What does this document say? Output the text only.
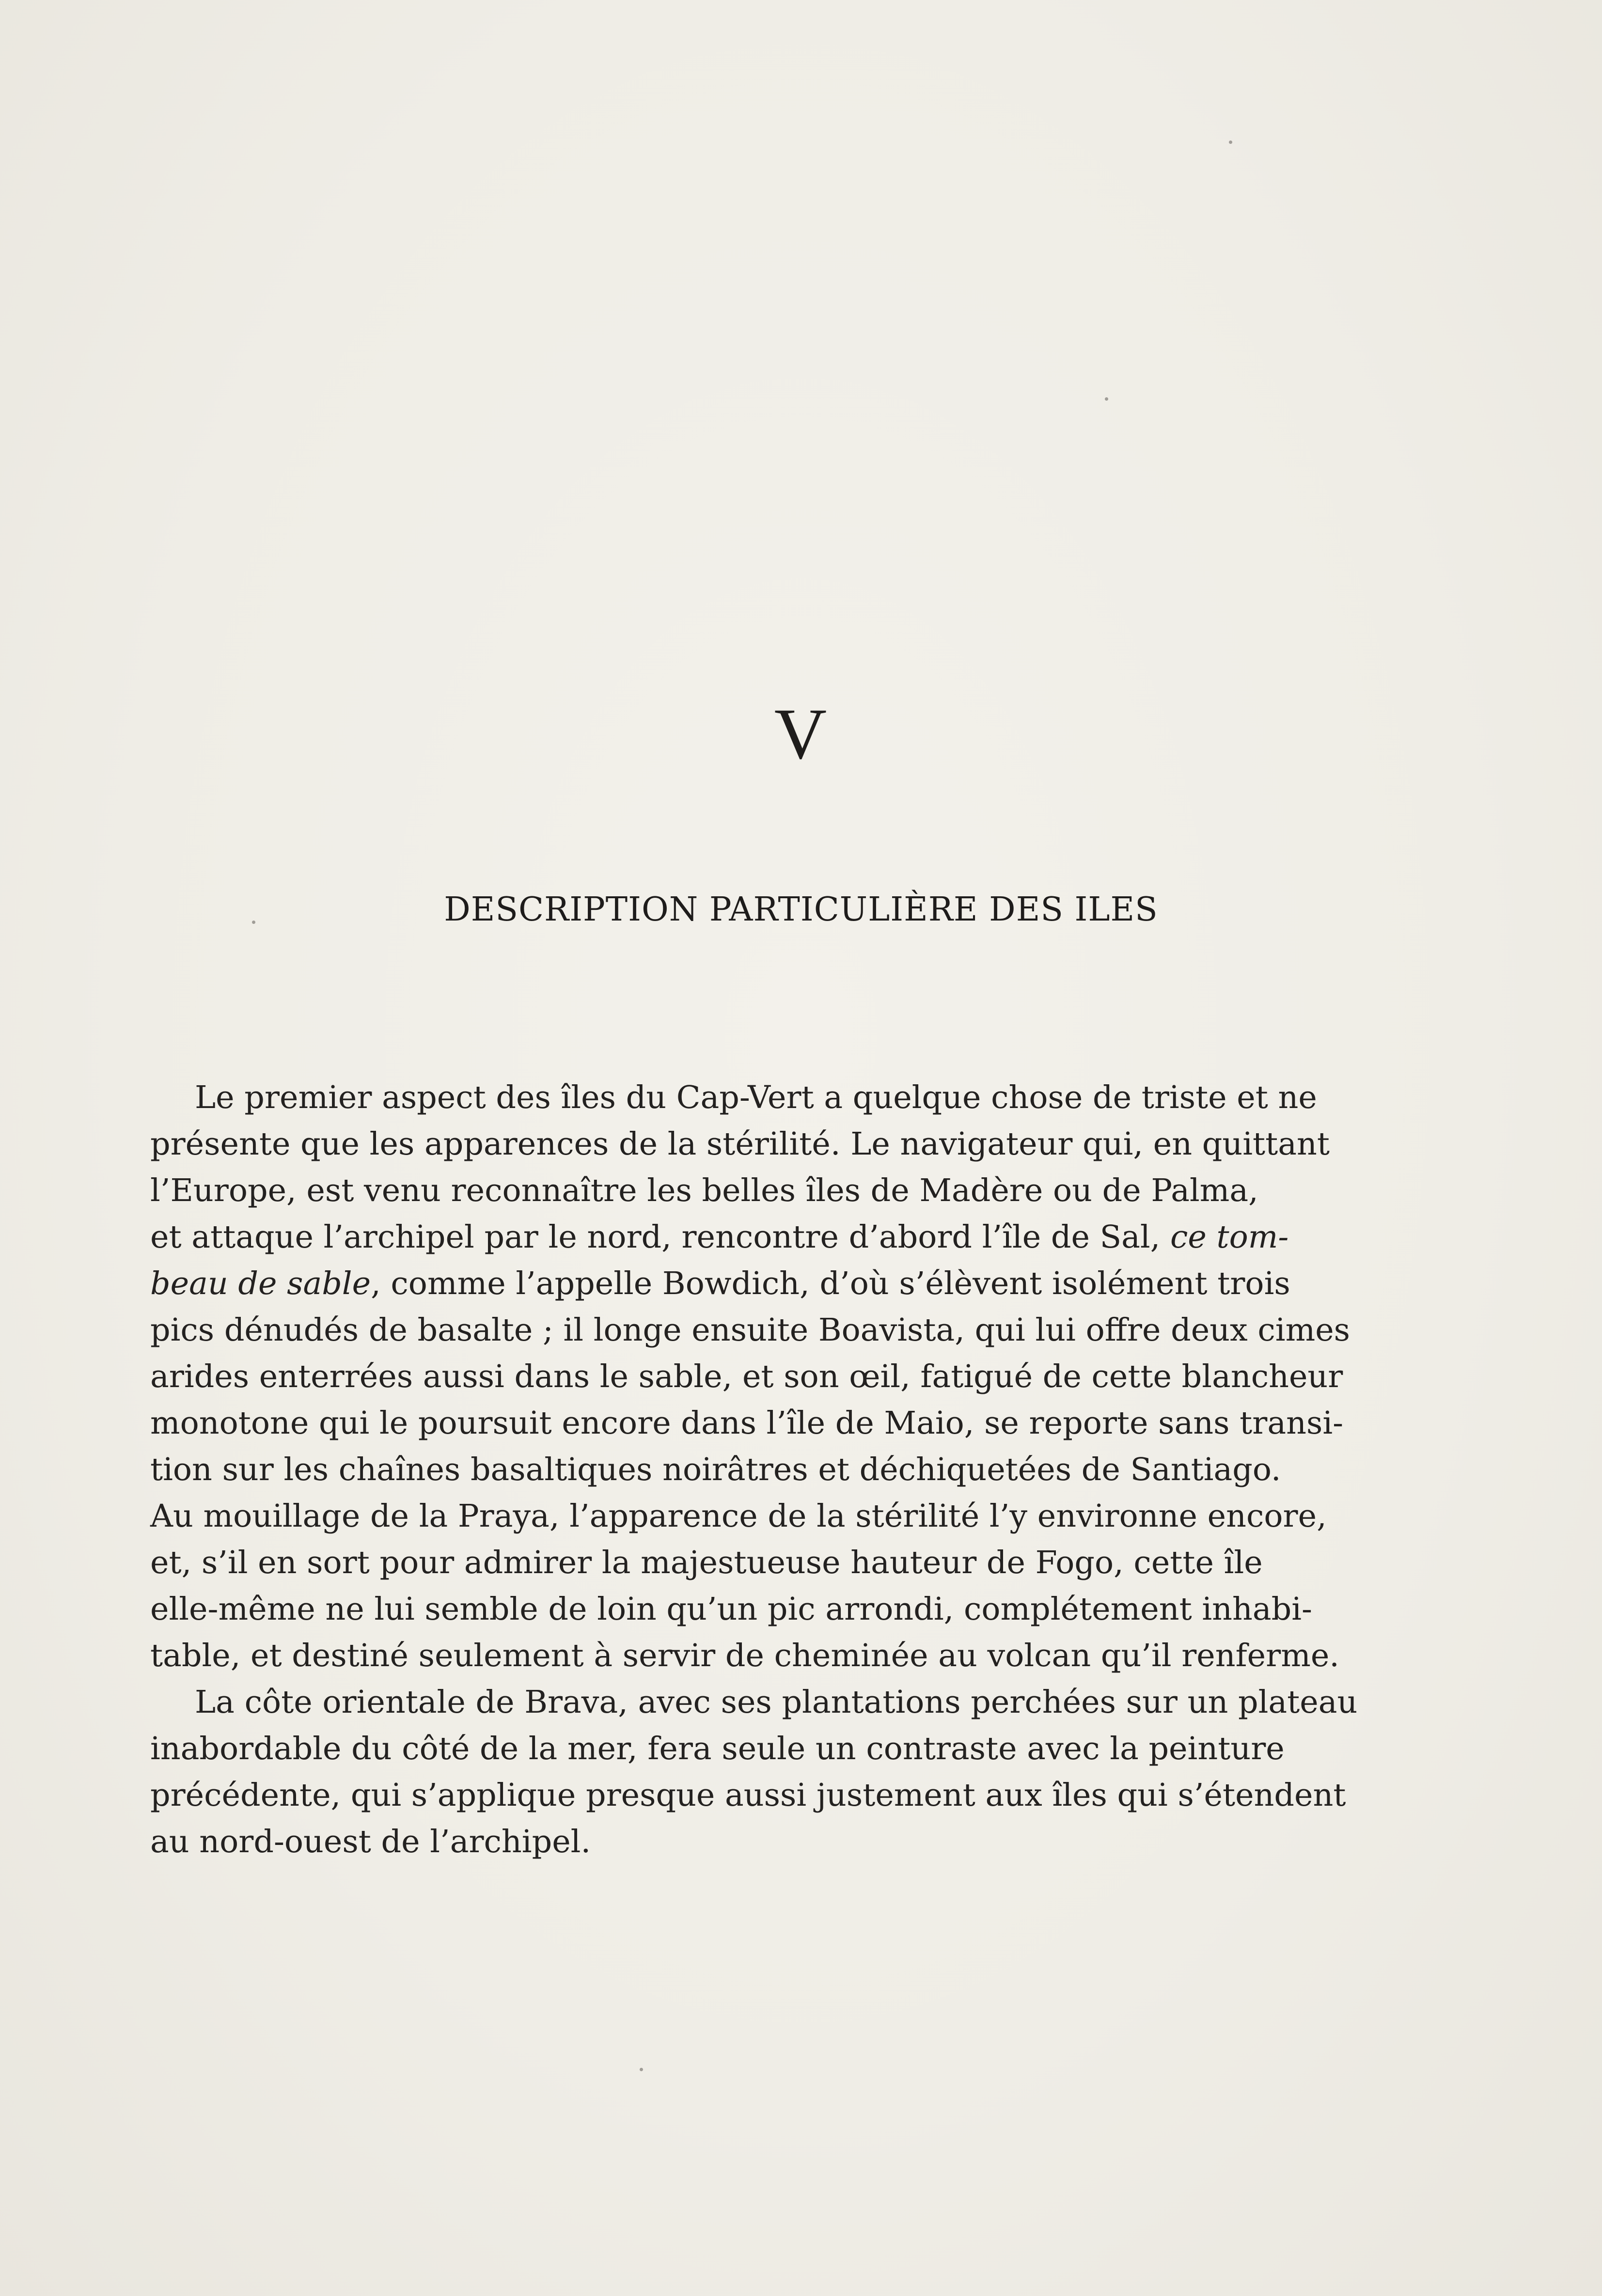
V
DESCRIPTION PARTICULIÈRE DES ILES
Le premier aspect des îles du Cap-Vert a quelque chose de triste et ne
présente que les apparences de la stérilité. Le navigateur qui, en quittant
l’Europe, est venu reconnaître les belles îles de Madère ou de Palma,
et attaque l’archipel par le nord, rencontre d’abord l’île de Sal, ce tom-
beau de sable, comme l’appelle Bowdich, d’où s’élèvent isolément trois
pics dénudés de basalte ; il longe ensuite Boavista, qui lui offre deux cimes
arides enterrées aussi dans le sable, et son œil, fatigué de cette blancheur
monotone qui le poursuit encore dans l’île de Maio, se reporte sans transi-
tion sur les chaînes basaltiques noirâtres et déchiquetées de Santiago.
Au mouillage de la Praya, l’apparence de la stérilité l’y environne encore,
et, s’il en sort pour admirer la majestueuse hauteur de Fogo, cette île
elle-même ne lui semble de loin qu’un pic arrondi, complétement inhabi-
table, et destiné seulement à servir de cheminée au volcan qu’il renferme.
La côte orientale de Brava, avec ses plantations perchées sur un plateau
inabordable du côté de la mer, fera seule un contraste avec la peinture
précédente, qui s’applique presque aussi justement aux îles qui s’étendent
au nord-ouest de l’archipel.
